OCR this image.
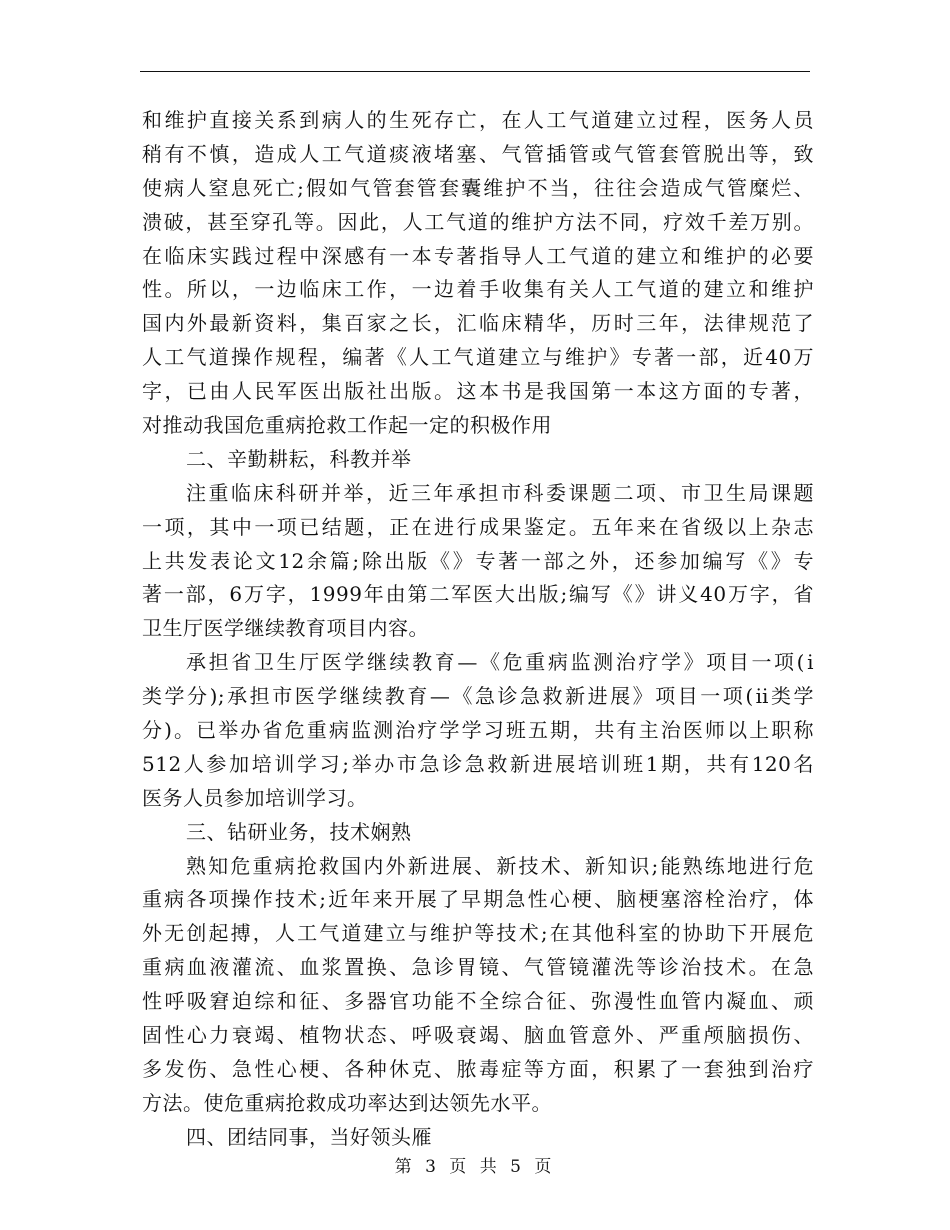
和维护直接关系到病人的生死存亡，在人工气道建立过程，医务人员
稍有不慎，造成人工气道痰液堵塞、气管插管或气管套管脱出等，致
使病人窒息死亡;假如气管套管套囊维护不当，往往会造成气管糜烂、
溃破，甚至穿孔等。因此，人工气道的维护方法不同，疗效千差万别。
在临床实践过程中深感有一本专著指导人工气道的建立和维护的必要
性。所以，一边临床工作，一边着手收集有关人工气道的建立和维护
国内外最新资料，集百家之长，汇临床精华，历时三年，法律规范了
人工气道操作规程，编著《人工气道建立与维护》专著一部，近40万
字，已由人民军医出版社出版。这本书是我国第一本这方面的专著，
对推动我国危重病抢救工作起一定的积极作用
二、辛勤耕耘，科教并举
注重临床科研并举，近三年承担市科委课题二项、市卫生局课题
一项，其中一项已结题，正在进行成果鉴定。五年来在省级以上杂志
上共发表论文12余篇;除出版《》专著一部之外，还参加编写《》专
著一部，6万字，1999年由第二军医大出版;编写《》讲义40万字，省
卫生厅医学继续教育项目内容。
承担省卫生厅医学继续教育—《危重病监测治疗学》项目一项(ⅰ
类学分);承担市医学继续教育—《急诊急救新进展》项目一项(ⅱ类学
分)。已举办省危重病监测治疗学学习班五期，共有主治医师以上职称
512人参加培训学习;举办市急诊急救新进展培训班1期，共有120名
医务人员参加培训学习。
三、钻研业务，技术娴熟
熟知危重病抢救国内外新进展、新技术、新知识;能熟练地进行危
重病各项操作技术;近年来开展了早期急性心梗、脑梗塞溶栓治疗，体
外无创起搏，人工气道建立与维护等技术;在其他科室的协助下开展危
重病血液灌流、血浆置换、急诊胃镜、气管镜灌洗等诊治技术。在急
性呼吸窘迫综和征、多器官功能不全综合征、弥漫性血管内凝血、顽
固性心力衰竭、植物状态、呼吸衰竭、脑血管意外、严重颅脑损伤、
多发伤、急性心梗、各种休克、脓毒症等方面，积累了一套独到治疗
方法。使危重病抢救成功率达到达领先水平。
四、团结同事，当好领头雁
第 3 页 共 5 页
